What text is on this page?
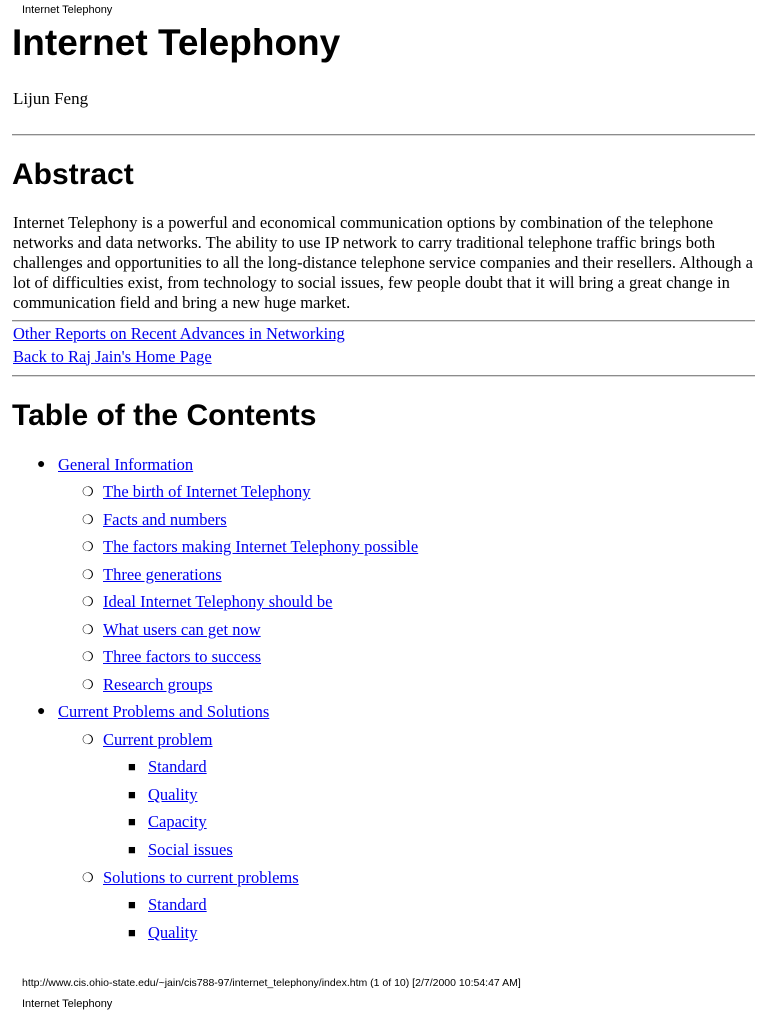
Internet Telephony
Internet Telephony
Lijun Feng
Abstract

Internet Telephony is a powerful and economical communication options by combination of the telephone networks and data networks. The ability to use IP network to carry traditional telephone traffic brings both challenges and opportunities to all the long-distance telephone service companies and their resellers. Although a lot of difficulties exist, from technology to social issues, few people doubt that it will bring a great change in communication field and bring a new huge market.

Other Reports on Recent Advances in Networking
Back to Raj Jain's Home Page
Table of the Contents
● General Information
❍ The birth of Internet Telephony
❍ Facts and numbers
❍ The factors making Internet Telephony possible
❍ Three generations
❍ Ideal Internet Telephony should be
❍ What users can get now
❍ Three factors to success
❍ Research groups
● Current Problems and Solutions
❍ Current problem
■ Standard
■ Quality
■ Capacity
■ Social issues
❍ Solutions to current problems
■ Standard
■ Quality
http://www.cis.ohio-state.edu/~jain/cis788-97/internet_telephony/index.htm (1 of 10) [2/7/2000 10:54:47 AM]
Internet Telephony
